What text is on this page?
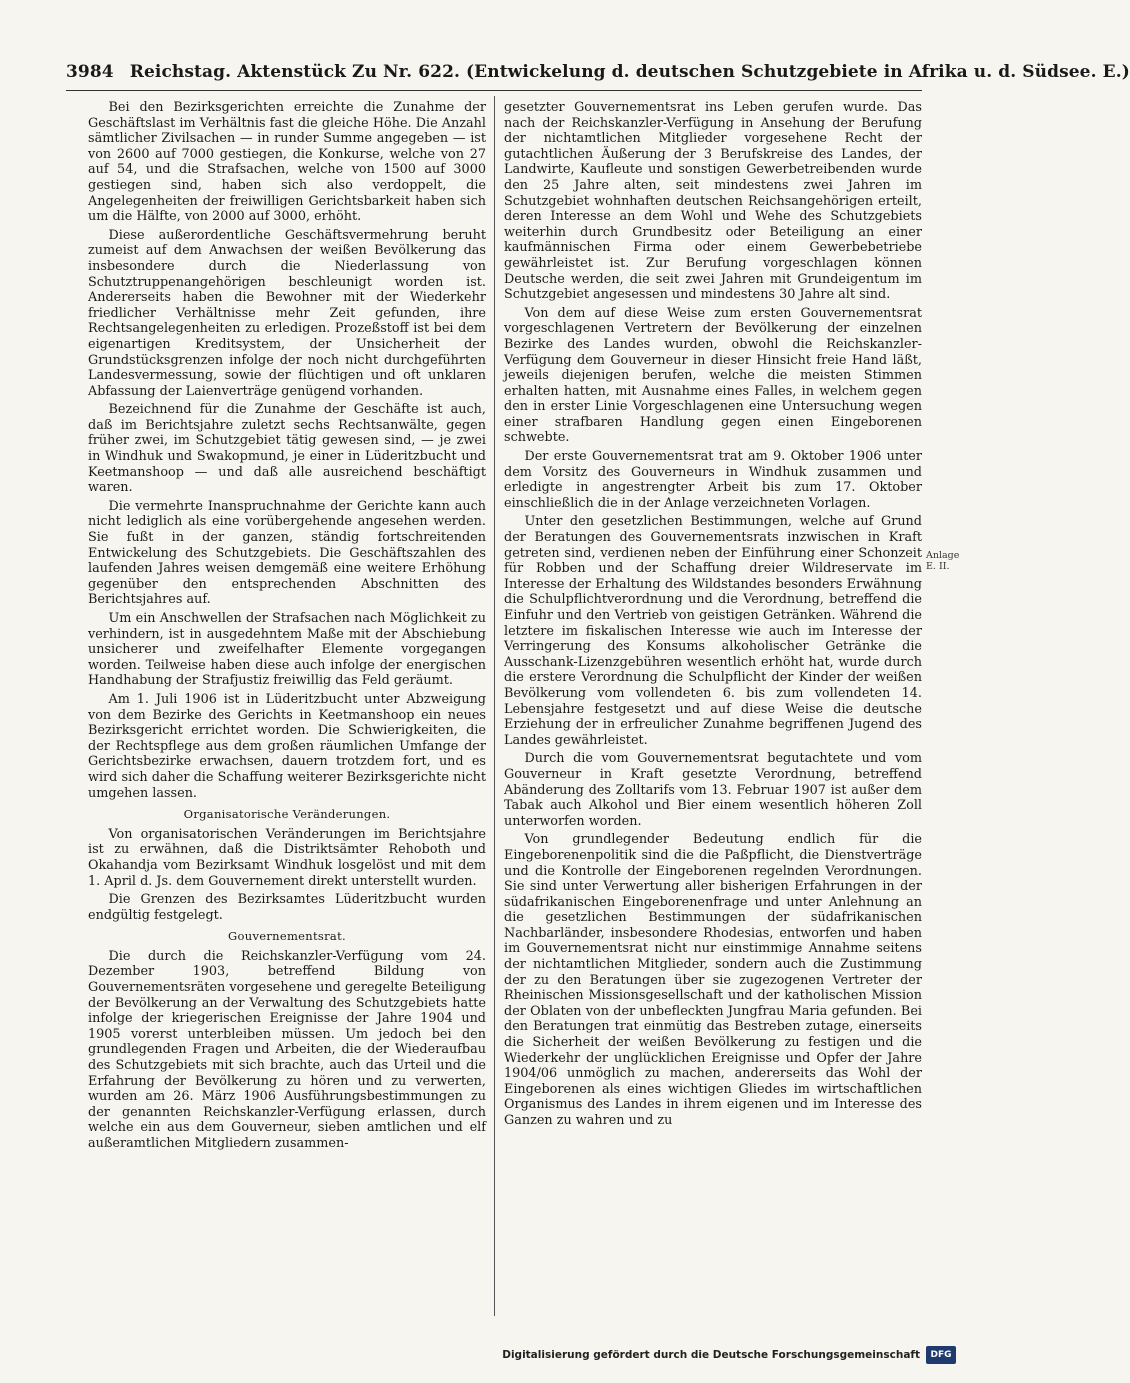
3984 Reichstag. Aktenstück Zu Nr. 622. (Entwickelung d. deutschen Schutzgebiete in Afrika u. d. Südsee. E.)

Bei den Bezirksgerichten erreichte die Zunahme der Geschäftslast im Verhältnis fast die gleiche Höhe. Die Anzahl sämtlicher Zivilsachen — in runder Summe angegeben — ist von 2600 auf 7000 gestiegen, die Konkurse, welche von 27 auf 54, und die Strafsachen, welche von 1500 auf 3000 gestiegen sind, haben sich also verdoppelt, die Angelegenheiten der freiwilligen Gerichtsbarkeit haben sich um die Hälfte, von 2000 auf 3000, erhöht.

Diese außerordentliche Geschäftsvermehrung beruht zumeist auf dem Anwachsen der weißen Bevölkerung das insbesondere durch die Niederlassung von Schutztruppenangehörigen beschleunigt worden ist. Andererseits haben die Bewohner mit der Wiederkehr friedlicher Verhältnisse mehr Zeit gefunden, ihre Rechtsangelegenheiten zu erledigen. Prozeßstoff ist bei dem eigenartigen Kreditsystem, der Unsicherheit der Grundstücksgrenzen infolge der noch nicht durchgeführten Landesvermessung, sowie der flüchtigen und oft unklaren Abfassung der Laienverträge genügend vorhanden.

Bezeichnend für die Zunahme der Geschäfte ist auch, daß im Berichtsjahre zuletzt sechs Rechtsanwälte, gegen früher zwei, im Schutzgebiet tätig gewesen sind, — je zwei in Windhuk und Swakopmund, je einer in Lüderitzbucht und Keetmanshoop — und daß alle ausreichend beschäftigt waren.

Die vermehrte Inanspruchnahme der Gerichte kann auch nicht lediglich als eine vorübergehende angesehen werden. Sie fußt in der ganzen, ständig fortschreitenden Entwickelung des Schutzgebiets. Die Geschäftszahlen des laufenden Jahres weisen demgemäß eine weitere Erhöhung gegenüber den entsprechenden Abschnitten des Berichtsjahres auf.

Um ein Anschwellen der Strafsachen nach Möglichkeit zu verhindern, ist in ausgedehntem Maße mit der Abschiebung unsicherer und zweifelhafter Elemente vorgegangen worden. Teilweise haben diese auch infolge der energischen Handhabung der Strafjustiz freiwillig das Feld geräumt.

Am 1. Juli 1906 ist in Lüderitzbucht unter Abzweigung von dem Bezirke des Gerichts in Keetmanshoop ein neues Bezirksgericht errichtet worden. Die Schwierigkeiten, die der Rechtspflege aus dem großen räumlichen Umfange der Gerichtsbezirke erwachsen, dauern trotzdem fort, und es wird sich daher die Schaffung weiterer Bezirksgerichte nicht umgehen lassen.

Organisatorische Veränderungen.

Von organisatorischen Veränderungen im Berichtsjahre ist zu erwähnen, daß die Distriktsämter Rehoboth und Okahandja vom Bezirksamt Windhuk losgelöst und mit dem 1. April d. Js. dem Gouvernement direkt unterstellt wurden.

Die Grenzen des Bezirksamtes Lüderitzbucht wurden endgültig festgelegt.

Gouvernementsrat.

Die durch die Reichskanzler-Verfügung vom 24. Dezember 1903, betreffend Bildung von Gouvernementsräten vorgesehene und geregelte Beteiligung der Bevölkerung an der Verwaltung des Schutzgebiets hatte infolge der kriegerischen Ereignisse der Jahre 1904 und 1905 vorerst unterbleiben müssen. Um jedoch bei den grundlegenden Fragen und Arbeiten, die der Wiederaufbau des Schutzgebiets mit sich brachte, auch das Urteil und die Erfahrung der Bevölkerung zu hören und zu verwerten, wurden am 26. März 1906 Ausführungsbestimmungen zu der genannten Reichskanzler-Verfügung erlassen, durch welche ein aus dem Gouverneur, sieben amtlichen und elf außeramtlichen Mitgliedern zusammen-

gesetzter Gouvernementsrat ins Leben gerufen wurde. Das nach der Reichskanzler-Verfügung in Ansehung der Berufung der nichtamtlichen Mitglieder vorgesehene Recht der gutachtlichen Äußerung der 3 Berufskreise des Landes, der Landwirte, Kaufleute und sonstigen Gewerbetreibenden wurde den 25 Jahre alten, seit mindestens zwei Jahren im Schutzgebiet wohnhaften deutschen Reichsangehörigen erteilt, deren Interesse an dem Wohl und Wehe des Schutzgebiets weiterhin durch Grundbesitz oder Beteiligung an einer kaufmännischen Firma oder einem Gewerbebetriebe gewährleistet ist. Zur Berufung vorgeschlagen können Deutsche werden, die seit zwei Jahren mit Grundeigentum im Schutzgebiet angesessen und mindestens 30 Jahre alt sind.

Von dem auf diese Weise zum ersten Gouvernementsrat vorgeschlagenen Vertretern der Bevölkerung der einzelnen Bezirke des Landes wurden, obwohl die Reichskanzler-Verfügung dem Gouverneur in dieser Hinsicht freie Hand läßt, jeweils diejenigen berufen, welche die meisten Stimmen erhalten hatten, mit Ausnahme eines Falles, in welchem gegen den in erster Linie Vorgeschlagenen eine Untersuchung wegen einer strafbaren Handlung gegen einen Eingeborenen schwebte.

Der erste Gouvernementsrat trat am 9. Oktober 1906 unter dem Vorsitz des Gouverneurs in Windhuk zusammen und erledigte in angestrengter Arbeit bis zum 17. Oktober einschließlich die in der Anlage verzeichneten Vorlagen.

Unter den gesetzlichen Bestimmungen, welche auf Grund der Beratungen des Gouvernementsrats inzwischen in Kraft getreten sind, verdienen neben der Einführung einer Schonzeit für Robben und der Schaffung dreier Wildreservate im Interesse der Erhaltung des Wildstandes besonders Erwähnung die Schulpflichtverordnung und die Verordnung, betreffend die Einfuhr und den Vertrieb von geistigen Getränken. Während die letztere im fiskalischen Interesse wie auch im Interesse der Verringerung des Konsums alkoholischer Getränke die Ausschank-Lizenzgebühren wesentlich erhöht hat, wurde durch die erstere Verordnung die Schulpflicht der Kinder der weißen Bevölkerung vom vollendeten 6. bis zum vollendeten 14. Lebensjahre festgesetzt und auf diese Weise die deutsche Erziehung der in erfreulicher Zunahme begriffenen Jugend des Landes gewährleistet.

Durch die vom Gouvernementsrat begutachtete und vom Gouverneur in Kraft gesetzte Verordnung, betreffend Abänderung des Zolltarifs vom 13. Februar 1907 ist außer dem Tabak auch Alkohol und Bier einem wesentlich höheren Zoll unterworfen worden.

Von grundlegender Bedeutung endlich für die Eingeborenenpolitik sind die die Paßpflicht, die Dienstverträge und die Kontrolle der Eingeborenen regelnden Verordnungen. Sie sind unter Verwertung aller bisherigen Erfahrungen in der südafrikanischen Eingeborenenfrage und unter Anlehnung an die gesetzlichen Bestimmungen der südafrikanischen Nachbarländer, insbesondere Rhodesias, entworfen und haben im Gouvernementsrat nicht nur einstimmige Annahme seitens der nichtamtlichen Mitglieder, sondern auch die Zustimmung der zu den Beratungen über sie zugezogenen Vertreter der Rheinischen Missionsgesellschaft und der katholischen Mission der Oblaten von der unbefleckten Jungfrau Maria gefunden. Bei den Beratungen trat einmütig das Bestreben zutage, einerseits die Sicherheit der weißen Bevölkerung zu festigen und die Wiederkehr der unglücklichen Ereignisse und Opfer der Jahre 1904/06 unmöglich zu machen, andererseits das Wohl der Eingeborenen als eines wichtigen Gliedes im wirtschaftlichen Organismus des Landes in ihrem eigenen und im Interesse des Ganzen zu wahren und zu

Anlage E. II.
Digitalisierung gefördert durch die Deutsche Forschungsgemeinschaft	DFG
